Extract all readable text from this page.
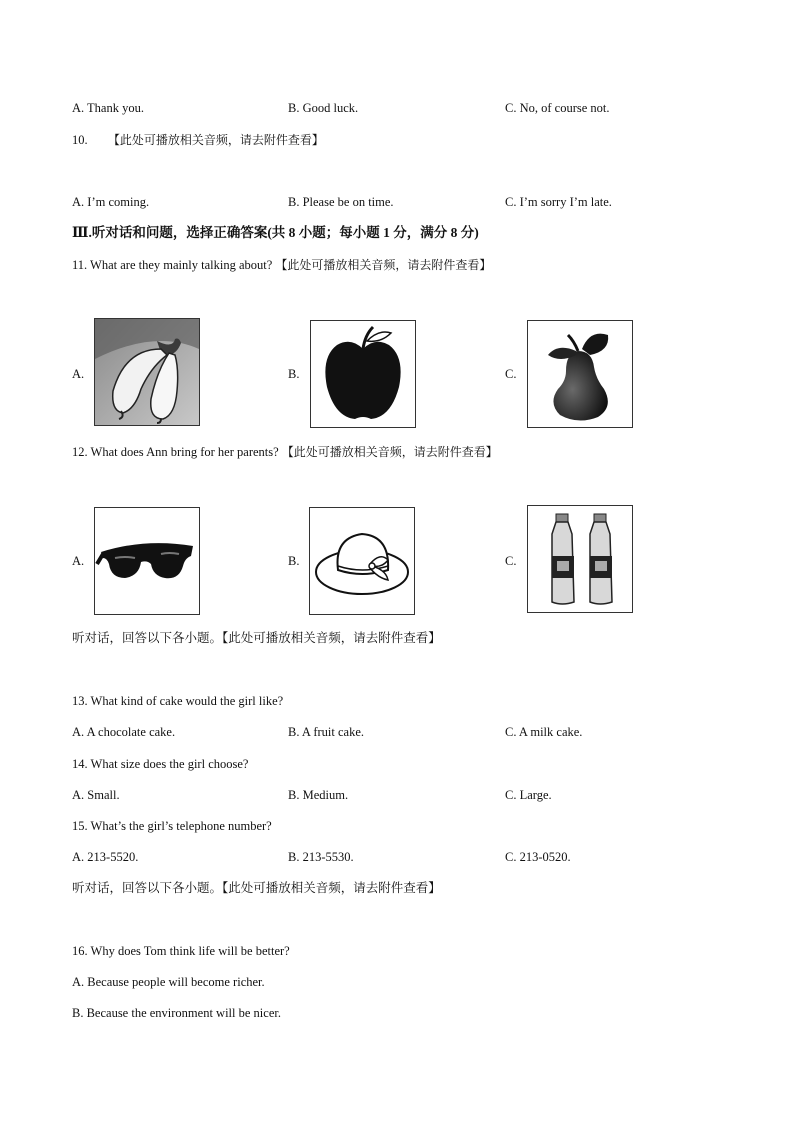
A. Thank you.	B. Good luck.	C. No, of course not.
10. 【此处可播放相关音频，请去附件查看】
A. I’m coming.	B. Please be on time.	C. I’m sorry I’m late.
Ⅲ.听对话和问题，选择正确答案(共 8 小题；每小题 1 分，满分 8 分)
11. What are they mainly talking about? 【此处可播放相关音频，请去附件查看】
A.	B.	C.
12. What does Ann bring for her parents? 【此处可播放相关音频，请去附件查看】
A.	B.	C.
听对话，回答以下各小题。【此处可播放相关音频，请去附件查看】
13. What kind of cake would the girl like?
A. A chocolate cake.	B. A fruit cake.	C. A milk cake.
14. What size does the girl choose?
A. Small.	B. Medium.	C. Large.
15. What’s the girl’s telephone number?
A. 213-5520.	B. 213-5530.	C. 213-0520.
听对话，回答以下各小题。【此处可播放相关音频，请去附件查看】
16. Why does Tom think life will be better?
A. Because people will become richer.
B. Because the environment will be nicer.
